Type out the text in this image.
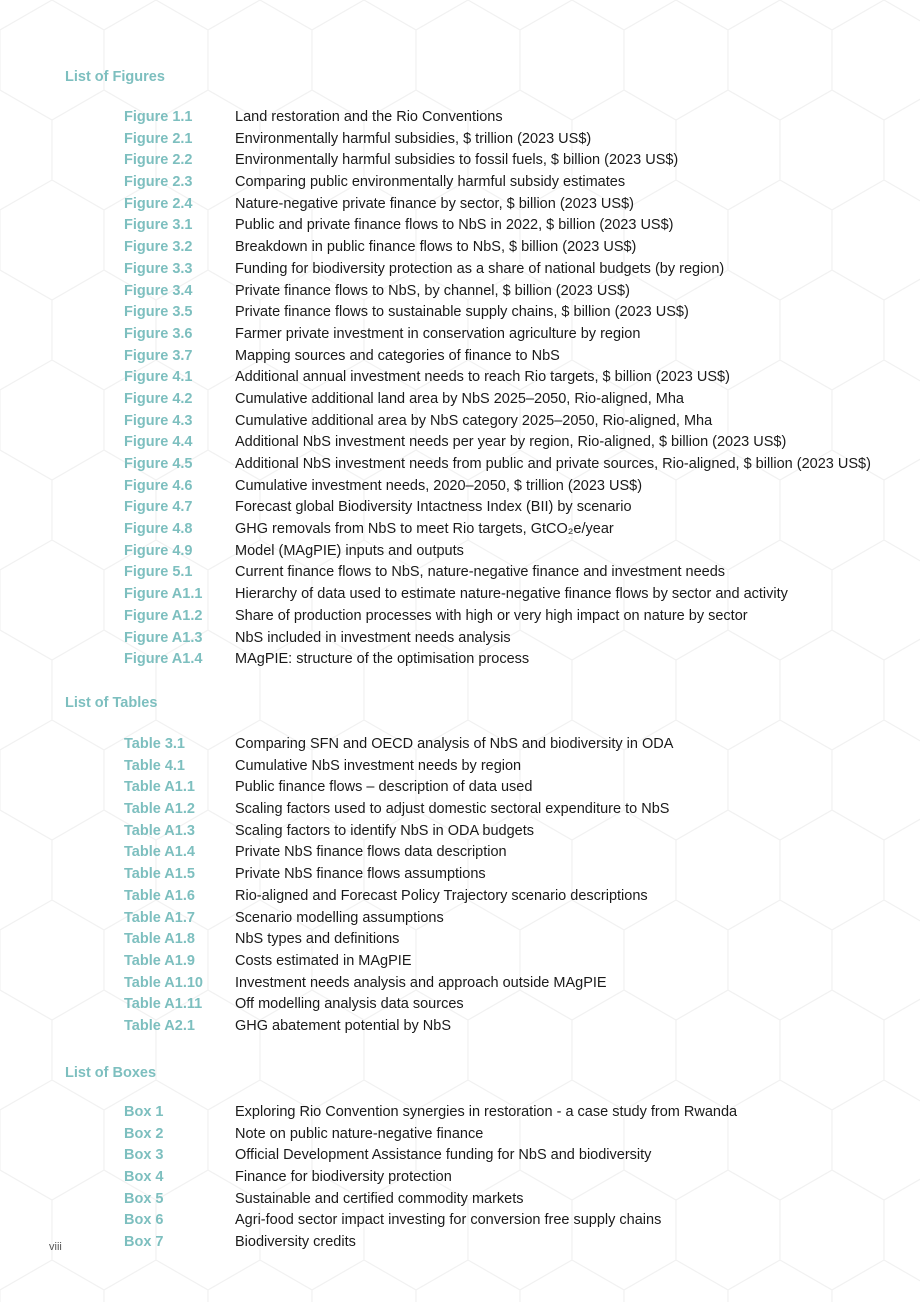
List of Figures
Figure 1.1	Land restoration and the Rio Conventions
Figure 2.1	Environmentally harmful subsidies, $ trillion (2023 US$)
Figure 2.2	Environmentally harmful subsidies to fossil fuels, $ billion (2023 US$)
Figure 2.3	Comparing public environmentally harmful subsidy estimates
Figure 2.4	Nature-negative private finance by sector, $ billion (2023 US$)
Figure 3.1	Public and private finance flows to NbS in 2022, $ billion (2023 US$)
Figure 3.2	Breakdown in public finance flows to NbS, $ billion (2023 US$)
Figure 3.3	Funding for biodiversity protection as a share of national budgets (by region)
Figure 3.4	Private finance flows to NbS, by channel, $ billion (2023 US$)
Figure 3.5	Private finance flows to sustainable supply chains, $ billion (2023 US$)
Figure 3.6	Farmer private investment in conservation agriculture by region
Figure 3.7	Mapping sources and categories of finance to NbS
Figure 4.1	Additional annual investment needs to reach Rio targets, $ billion (2023 US$)
Figure 4.2	Cumulative additional land area by NbS 2025–2050, Rio-aligned, Mha
Figure 4.3	Cumulative additional area by NbS category 2025–2050, Rio-aligned, Mha
Figure 4.4	Additional NbS investment needs per year by region, Rio-aligned, $ billion (2023 US$)
Figure 4.5	Additional NbS investment needs from public and private sources, Rio-aligned, $ billion (2023 US$)
Figure 4.6	Cumulative investment needs, 2020–2050, $ trillion (2023 US$)
Figure 4.7	Forecast global Biodiversity Intactness Index (BII) by scenario
Figure 4.8	GHG removals from NbS to meet Rio targets, GtCO₂e/year
Figure 4.9	Model (MAgPIE) inputs and outputs
Figure 5.1	Current finance flows to NbS, nature-negative finance and investment needs
Figure A1.1 Hierarchy of data used to estimate nature-negative finance flows by sector and activity
Figure A1.2 Share of production processes with high or very high impact on nature by sector
Figure A1.3 NbS included in investment needs analysis
Figure A1.4 MAgPIE: structure of the optimisation process
List of Tables
Table 3.1	Comparing SFN and OECD analysis of NbS and biodiversity in ODA
Table 4.1	Cumulative NbS investment needs by region
Table A1.1	Public finance flows – description of data used
Table A1.2	Scaling factors used to adjust domestic sectoral expenditure to NbS
Table A1.3	Scaling factors to identify NbS in ODA budgets
Table A1.4	Private NbS finance flows data description
Table A1.5	Private NbS finance flows assumptions
Table A1.6	Rio-aligned and Forecast Policy Trajectory scenario descriptions
Table A1.7	Scenario modelling assumptions
Table A1.8	NbS types and definitions
Table A1.9	Costs estimated in MAgPIE
Table A1.10 Investment needs analysis and approach outside MAgPIE
Table A1.11 Off modelling analysis data sources
Table A2.1	GHG abatement potential by NbS
List of Boxes
Box 1	Exploring Rio Convention synergies in restoration - a case study from Rwanda
Box 2	Note on public nature-negative finance
Box 3	Official Development Assistance funding for NbS and biodiversity
Box 4	Finance for biodiversity protection
Box 5	Sustainable and certified commodity markets
Box 6	Agri-food sector impact investing for conversion free supply chains
Box 7	Biodiversity credits
viii
